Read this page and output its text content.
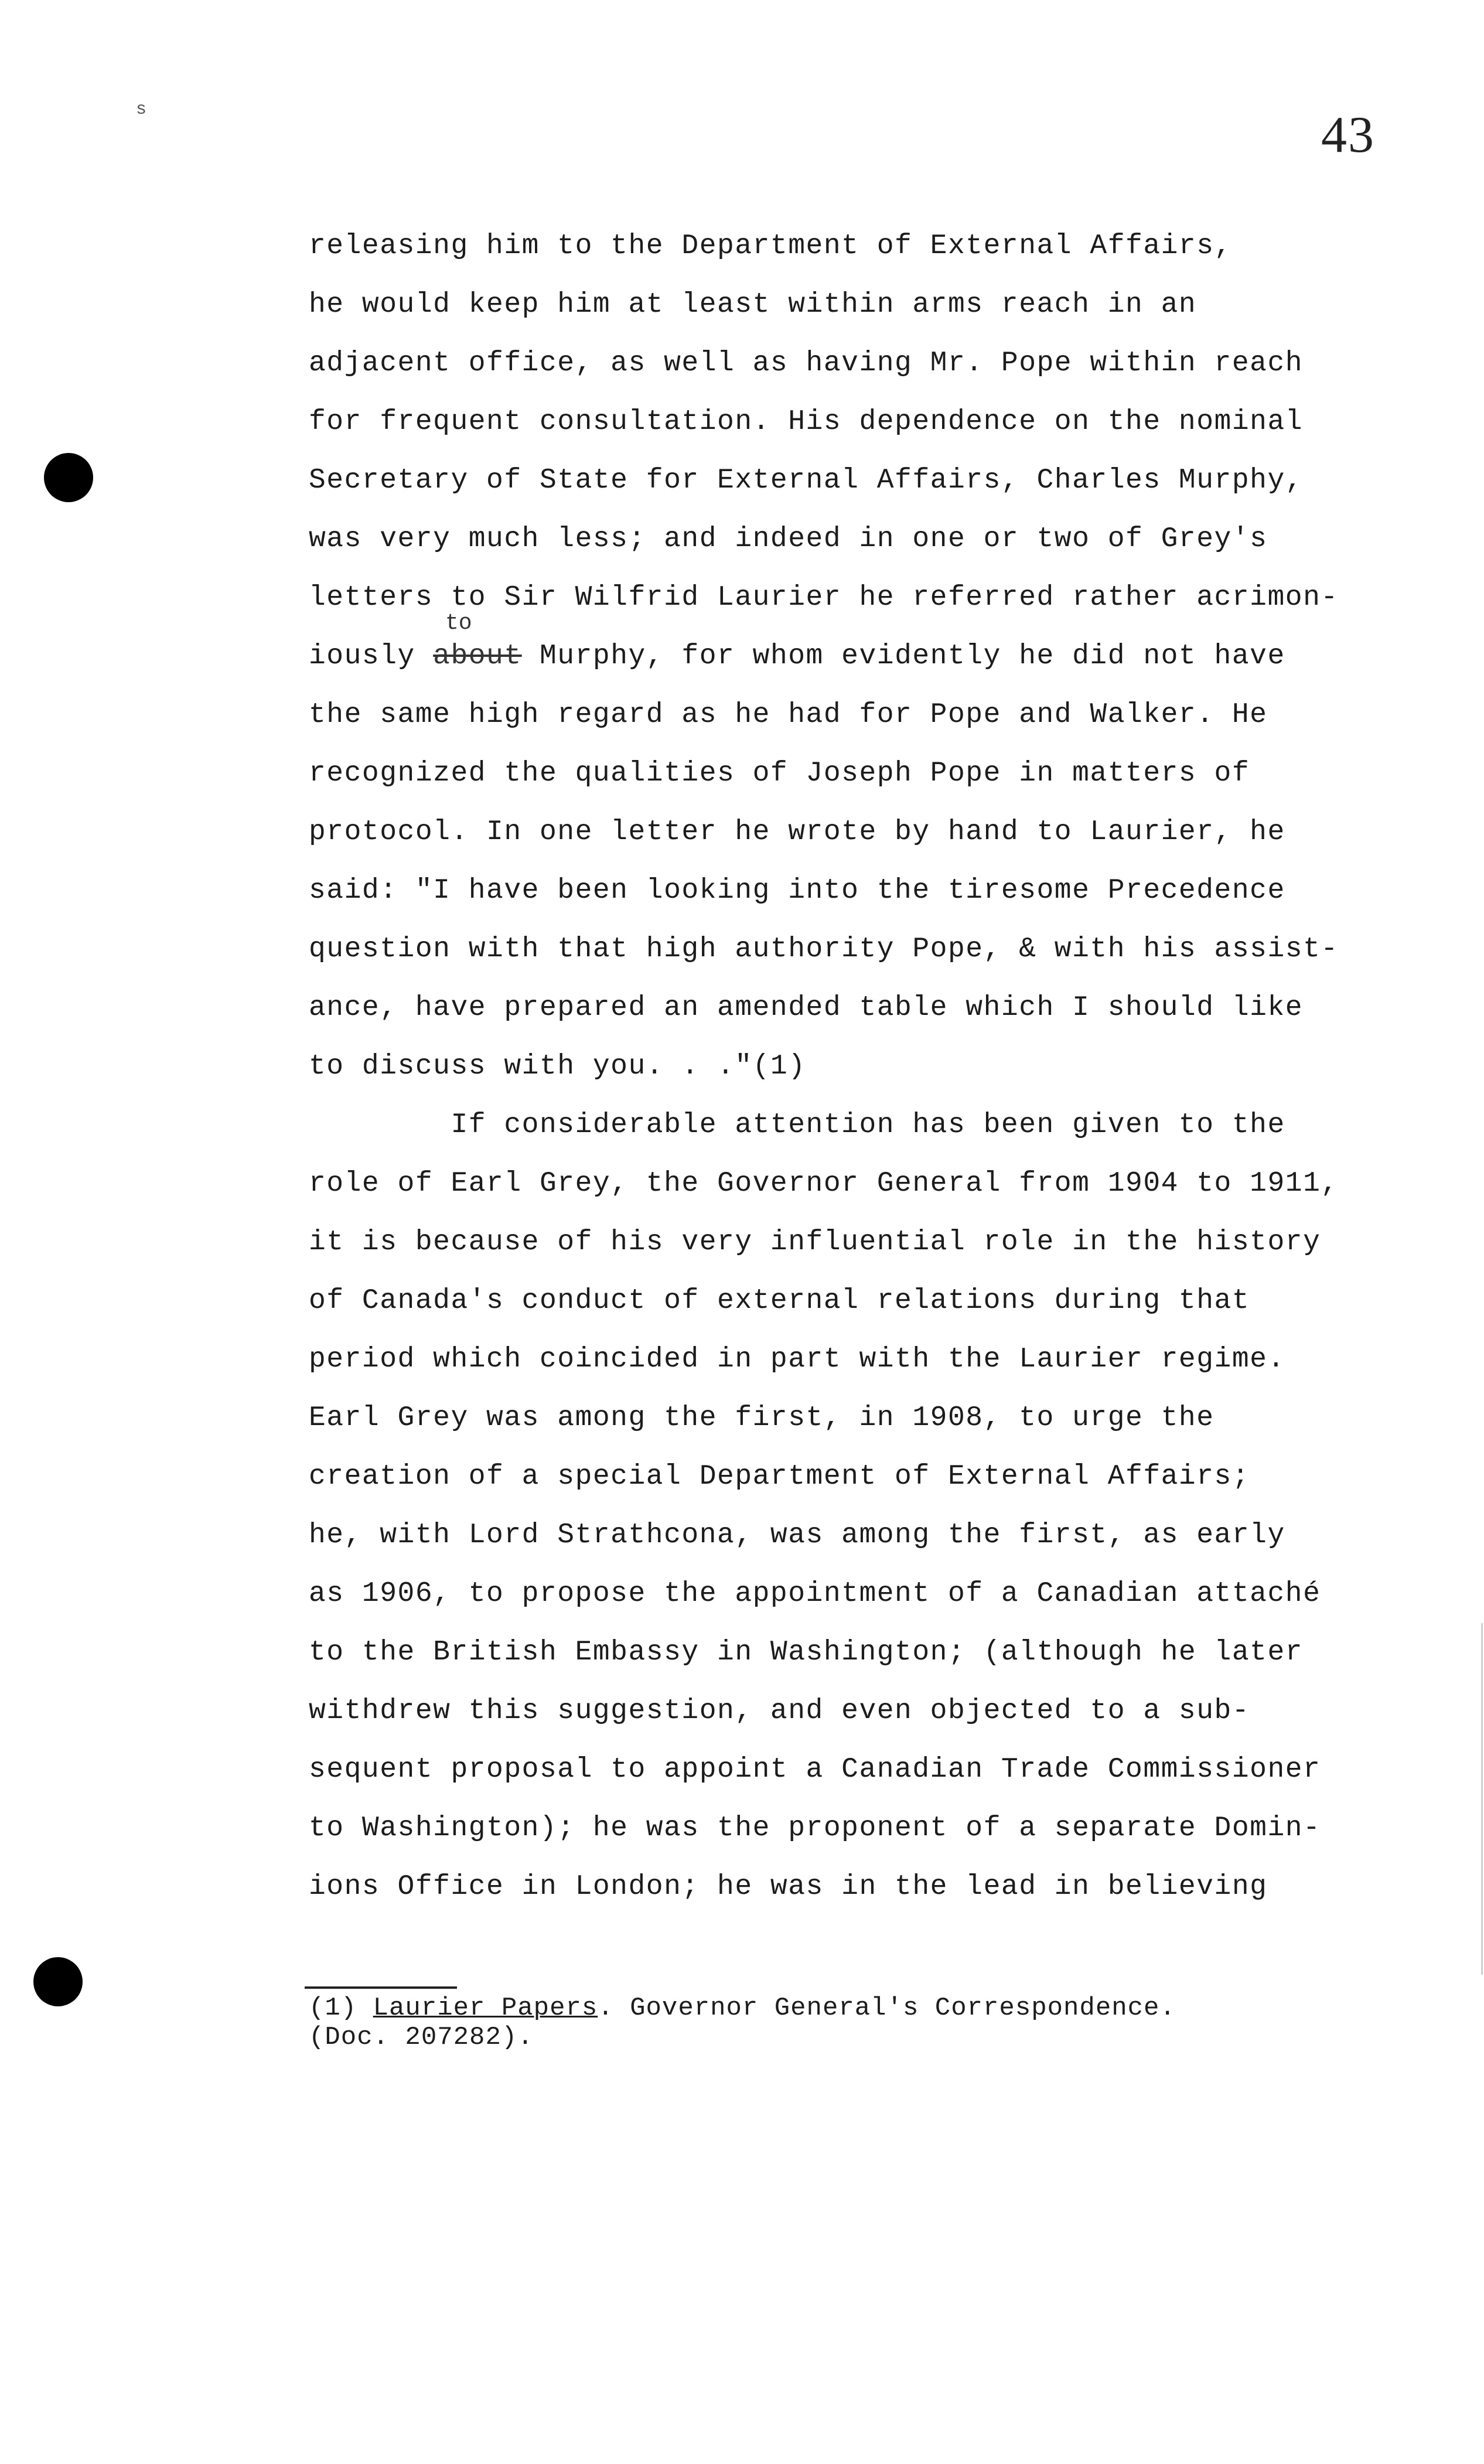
s	43
releasing him to the Department of External Affairs,
he would keep him at least within arms reach in an
adjacent office, as well as having Mr. Pope within reach
for frequent consultation. His dependence on the nominal
Secretary of State for External Affairs, Charles Murphy,
was very much less; and indeed in one or two of Grey's
letters to Sir Wilfrid Laurier he referred rather acrimon-
to
iously about Murphy, for whom evidently he did not have
the same high regard as he had for Pope and Walker. He
recognized the qualities of Joseph Pope in matters of
protocol. In one letter he wrote by hand to Laurier, he
said: "I have been looking into the tiresome Precedence
question with that high authority Pope, & with his assist-
ance, have prepared an amended table which I should like
to discuss with you. . ."(1)
If considerable attention has been given to the
role of Earl Grey, the Governor General from 1904 to 1911,
it is because of his very influential role in the history
of Canada's conduct of external relations during that
period which coincided in part with the Laurier regime.
Earl Grey was among the first, in 1908, to urge the
creation of a special Department of External Affairs;
he, with Lord Strathcona, was among the first, as early
as 1906, to propose the appointment of a Canadian attaché
to the British Embassy in Washington; (although he later
withdrew this suggestion, and even objected to a sub-
sequent proposal to appoint a Canadian Trade Commissioner
to Washington); he was the proponent of a separate Domin-
ions Office in London; he was in the lead in believing
(1) Laurier Papers. Governor General's Correspondence.
(Doc. 207282).
